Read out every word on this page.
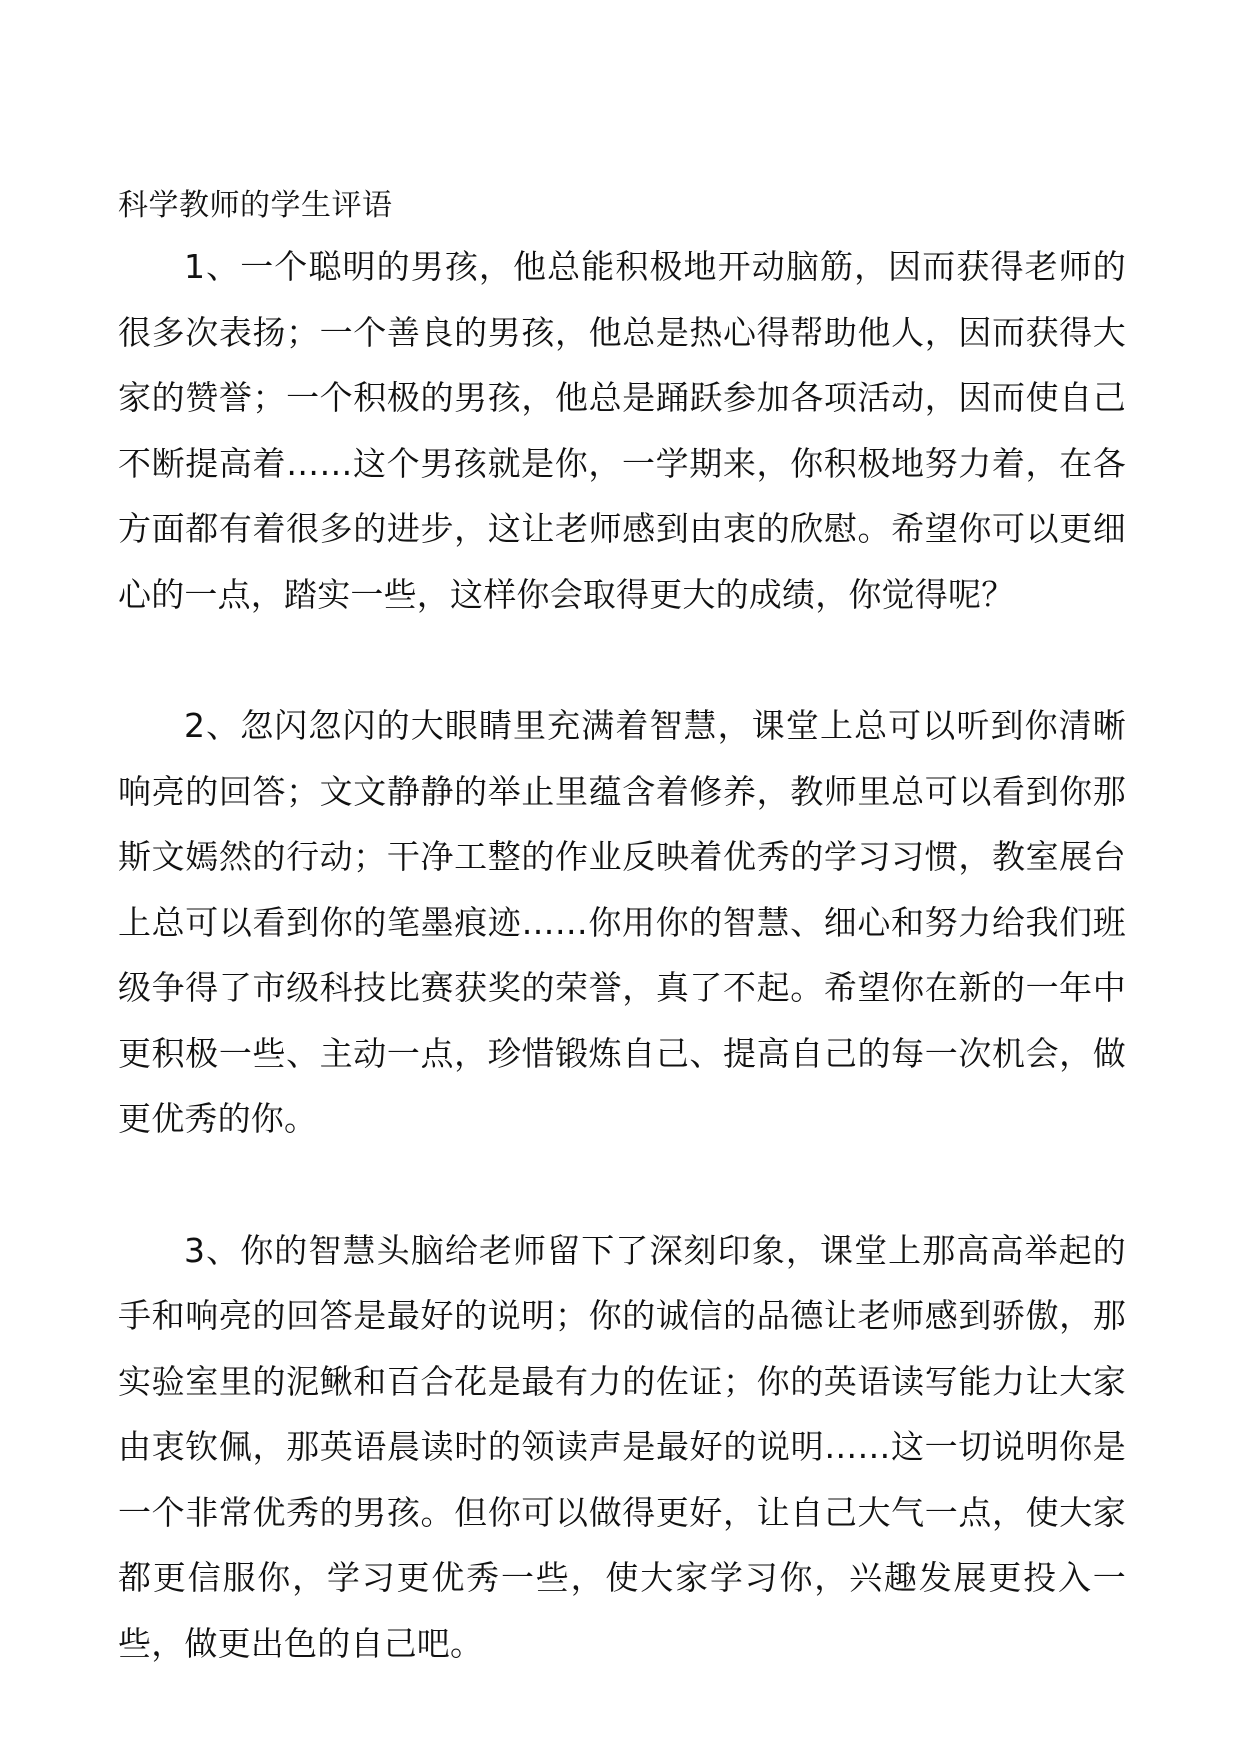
科学教师的学生评语

1、一个聪明的男孩，他总能积极地开动脑筋，因而获得老师的很多次表扬；一个善良的男孩，他总是热心得帮助他人，因而获得大家的赞誉；一个积极的男孩，他总是踊跃参加各项活动，因而使自己不断提高着……这个男孩就是你，一学期来，你积极地努力着，在各方面都有着很多的进步，这让老师感到由衷的欣慰。希望你可以更细心的一点，踏实一些，这样你会取得更大的成绩，你觉得呢？

2、忽闪忽闪的大眼睛里充满着智慧，课堂上总可以听到你清晰响亮的回答；文文静静的举止里蕴含着修养，教师里总可以看到你那斯文嫣然的行动；干净工整的作业反映着优秀的学习习惯，教室展台上总可以看到你的笔墨痕迹……你用你的智慧、细心和努力给我们班级争得了市级科技比赛获奖的荣誉，真了不起。希望你在新的一年中更积极一些、主动一点，珍惜锻炼自己、提高自己的每一次机会，做更优秀的你。

3、你的智慧头脑给老师留下了深刻印象，课堂上那高高举起的手和响亮的回答是最好的说明；你的诚信的品德让老师感到骄傲，那实验室里的泥鳅和百合花是最有力的佐证；你的英语读写能力让大家由衷钦佩，那英语晨读时的领读声是最好的说明……这一切说明你是一个非常优秀的男孩。但你可以做得更好，让自己大气一点，使大家都更信服你，学习更优秀一些，使大家学习你，兴趣发展更投入一些，做更出色的自己吧。
